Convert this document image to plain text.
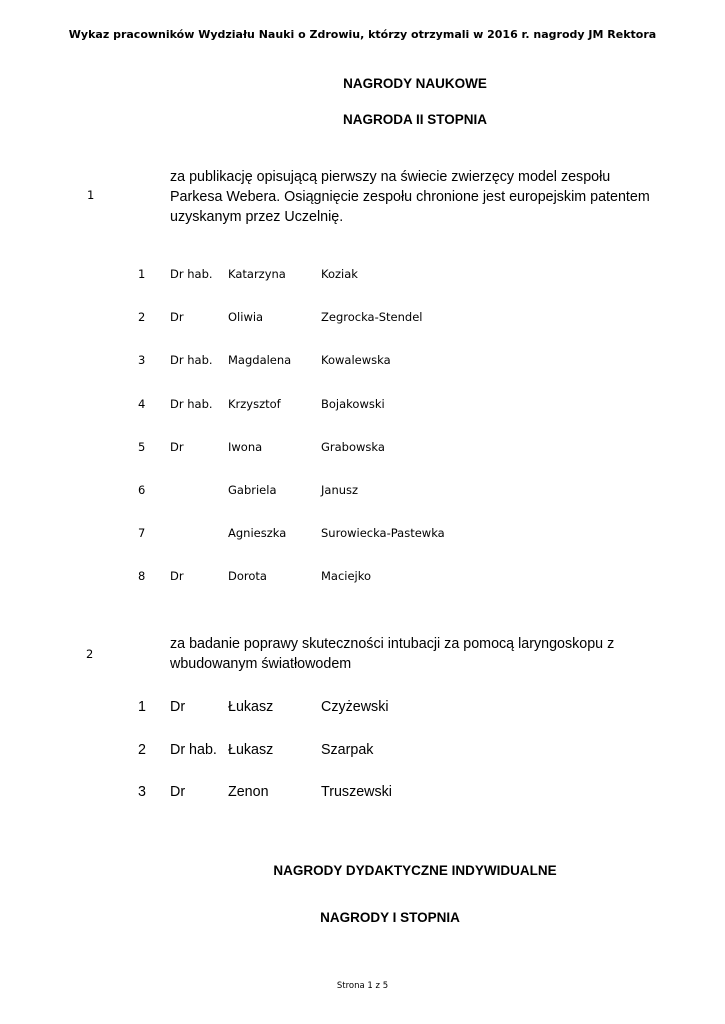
Wykaz pracowników Wydziału Nauki o Zdrowiu, którzy otrzymali w 2016 r. nagrody JM Rektora
NAGRODY NAUKOWE
NAGRODA II STOPNIA
1
za publikację opisującą pierwszy na świecie zwierzęcy model zespołu
Parkesa Webera. Osiągnięcie zespołu chronione jest europejskim patentem
uzyskanym przez Uczelnię.
1 Dr hab. Katarzyna	Koziak
2 Dr	Oliwia	Zegrocka-Stendel
3 Dr hab. Magdalena	Kowalewska
4 Dr hab. Krzysztof	Bojakowski
5 Dr	Iwona	Grabowska
6	Gabriela	Janusz
7	Agnieszka	Surowiecka-Pastewka
8 Dr	Dorota	Maciejko
2
za badanie poprawy skuteczności intubacji za pomocą laryngoskopu z
wbudowanym światłowodem
1 Dr	Łukasz	Czyżewski
2 Dr hab. Łukasz	Szarpak
3 Dr	Zenon	Truszewski
NAGRODY DYDAKTYCZNE INDYWIDUALNE
NAGRODY I STOPNIA
Strona 1 z 5
